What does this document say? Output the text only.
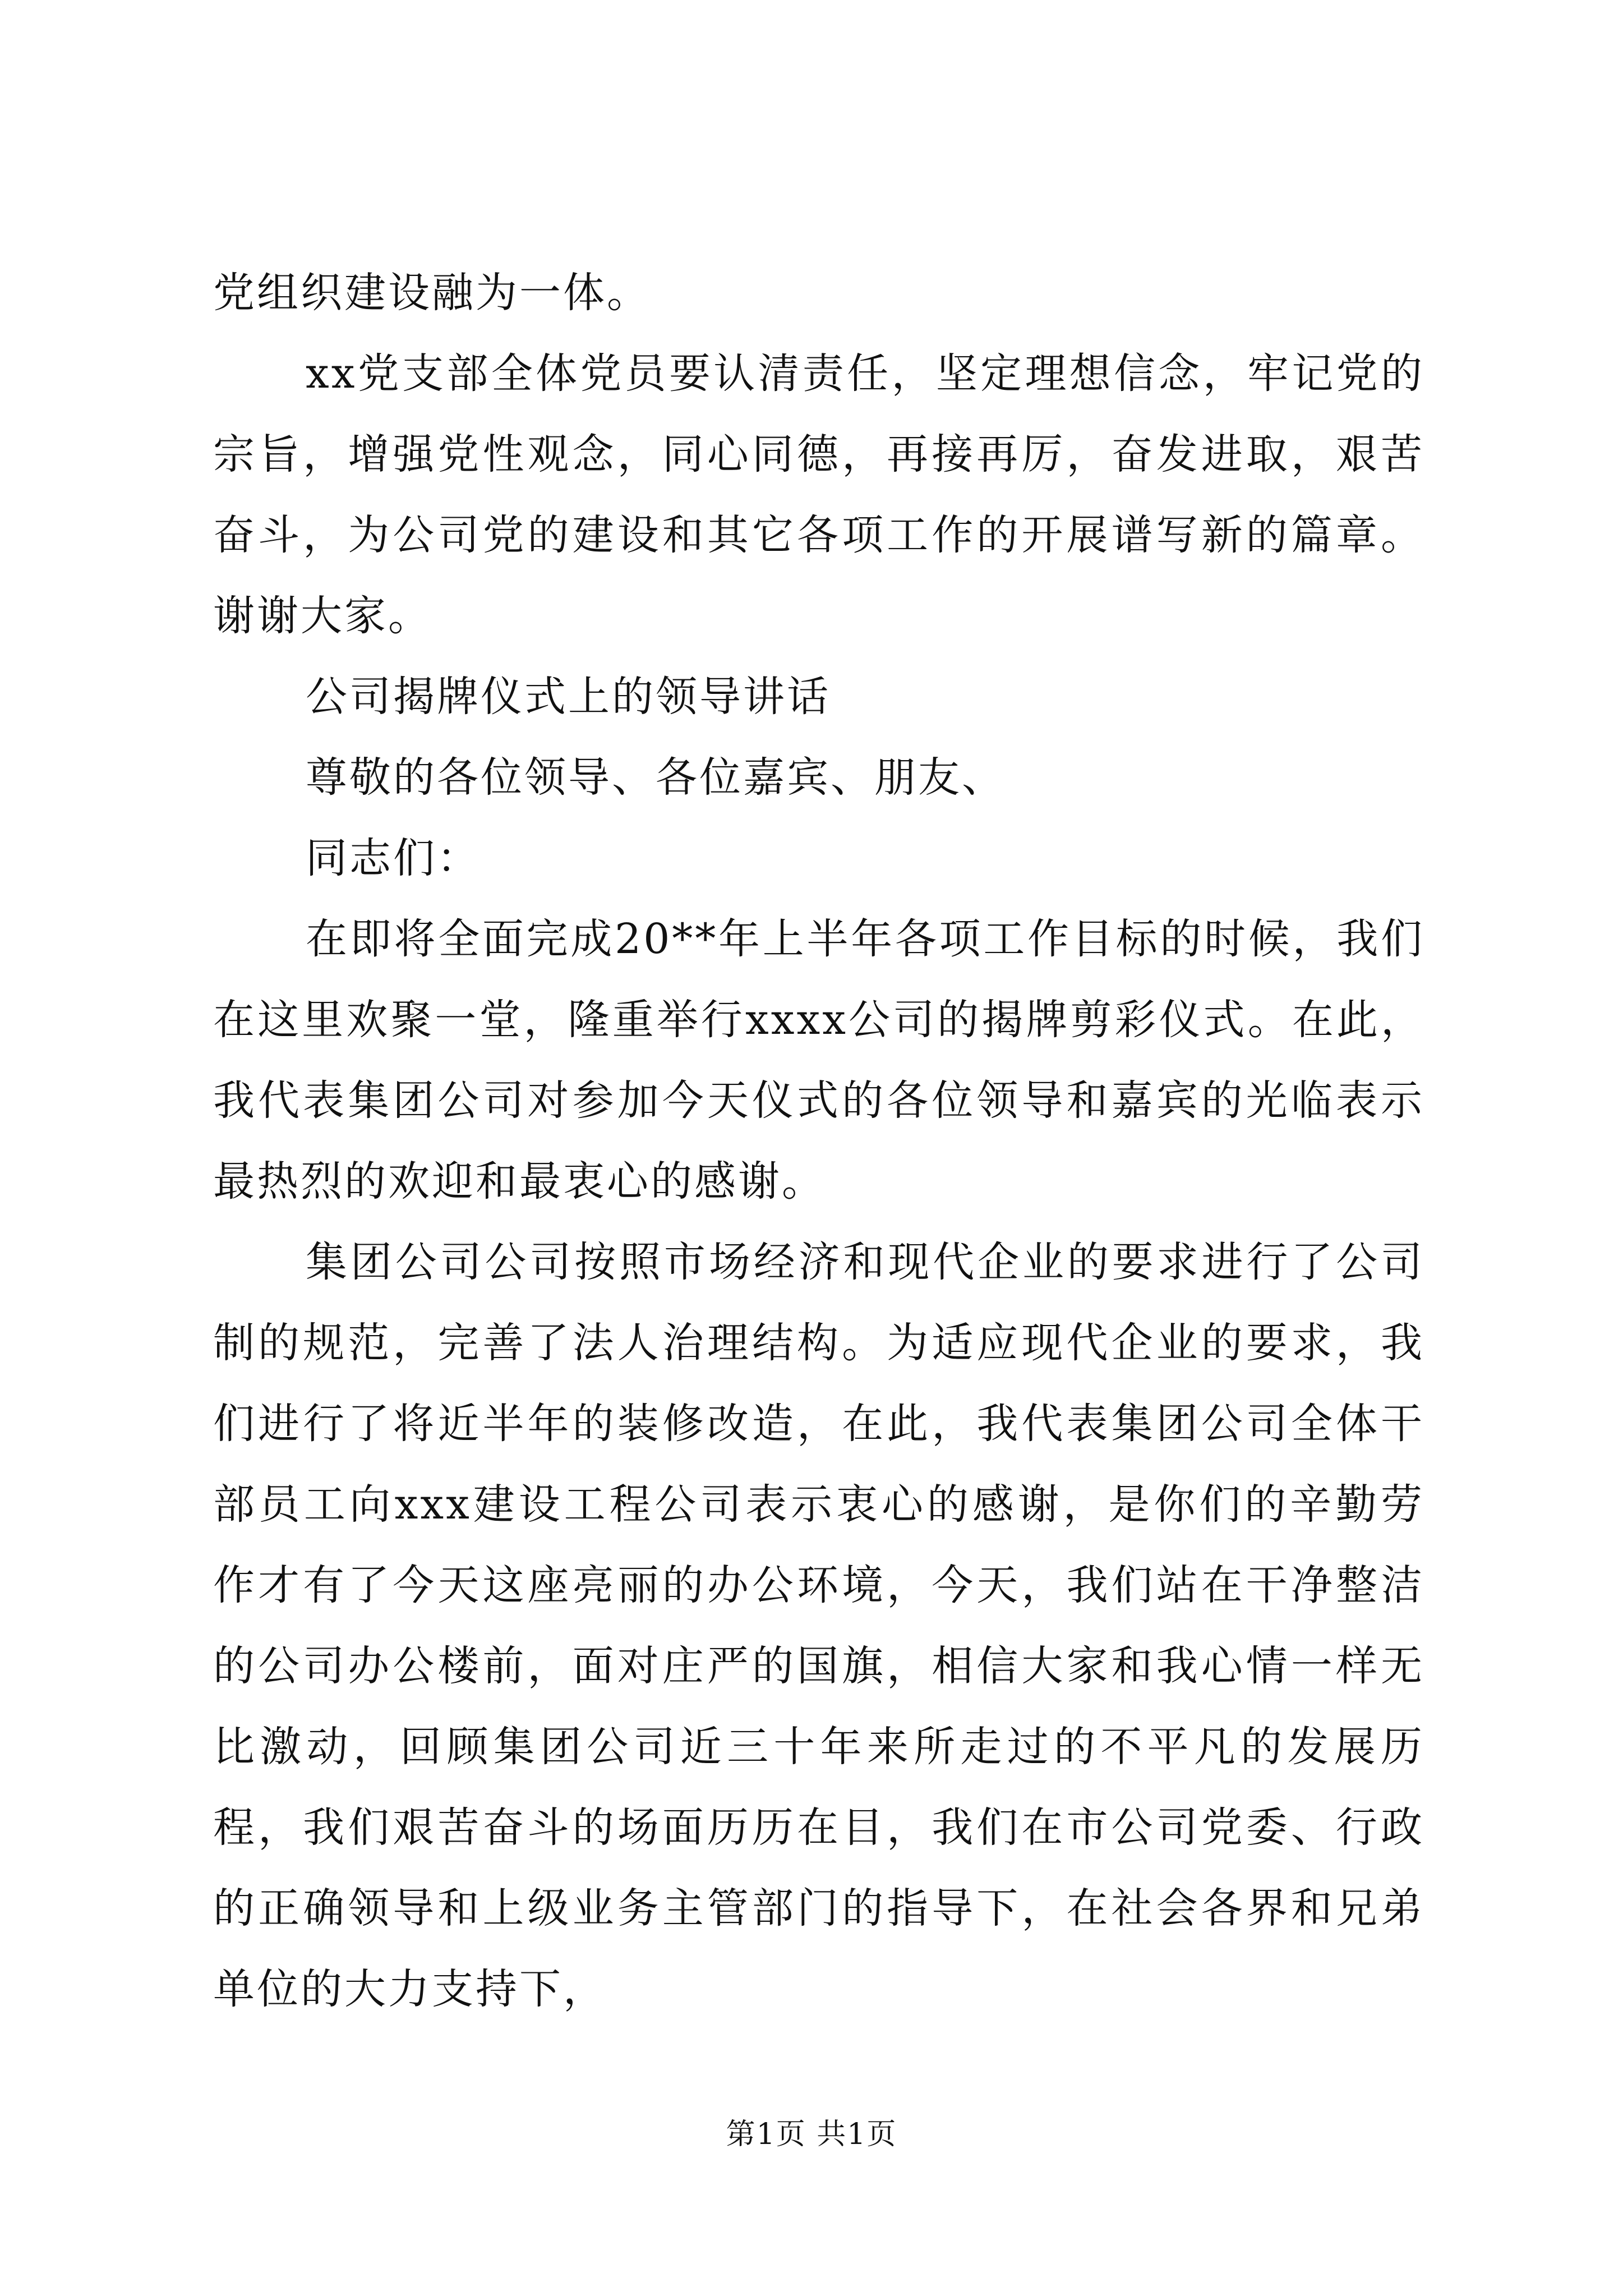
党组织建设融为一体。

xx党支部全体党员要认清责任，坚定理想信念，牢记党的宗旨，增强党性观念，同心同德，再接再厉，奋发进取，艰苦奋斗，为公司党的建设和其它各项工作的开展谱写新的篇章。谢谢大家。

公司揭牌仪式上的领导讲话

尊敬的各位领导、各位嘉宾、朋友、

同志们：

在即将全面完成20**年上半年各项工作目标的时候，我们在这里欢聚一堂，隆重举行xxxx公司的揭牌剪彩仪式。在此，我代表集团公司对参加今天仪式的各位领导和嘉宾的光临表示最热烈的欢迎和最衷心的感谢。

集团公司公司按照市场经济和现代企业的要求进行了公司制的规范，完善了法人治理结构。为适应现代企业的要求，我们进行了将近半年的装修改造，在此，我代表集团公司全体干部员工向xxx建设工程公司表示衷心的感谢，是你们的辛勤劳作才有了今天这座亮丽的办公环境，今天，我们站在干净整洁的公司办公楼前，面对庄严的国旗，相信大家和我心情一样无比激动，回顾集团公司近三十年来所走过的不平凡的发展历程，我们艰苦奋斗的场面历历在目，我们在市公司党委、行政的正确领导和上级业务主管部门的指导下，在社会各界和兄弟单位的大力支持下，

第1页 共1页
